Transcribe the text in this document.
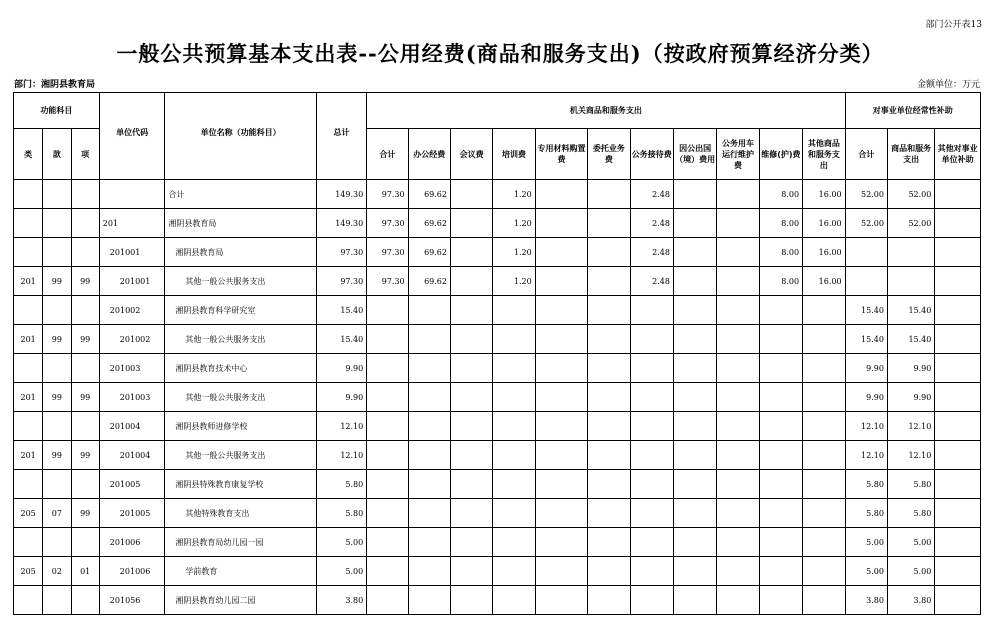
部门公开表13
一般公共预算基本支出表--公用经费(商品和服务支出)（按政府预算经济分类）
部门：湘阴县教育局	金额单位：万元
功能科目			单位代码	单位名称（功能科目）	总计	机关商品和服务支出											对事业单位经常性补助		
类	款	项				合计	办公经费	会议费	培训费	专用材料购置费	委托业务费	公务接待费	因公出国（境）费用	公务用车运行维护费	维修(护)费	其他商品和服务支出	合计	商品和服务支出	其他对事业单位补助
				合计	149.30	97.30	69.62		1.20			2.48			8.00	16.00	52.00	52.00	
			201	湘阴县教育局	149.30	97.30	69.62		1.20			2.48			8.00	16.00	52.00	52.00	
			201001	湘阴县教育局	97.30	97.30	69.62		1.20			2.48			8.00	16.00			
201	99	99	201001	其他一般公共服务支出	97.30	97.30	69.62		1.20			2.48			8.00	16.00			
			201002	湘阴县教育科学研究室	15.40												15.40	15.40	
201	99	99	201002	其他一般公共服务支出	15.40												15.40	15.40	
			201003	湘阴县教育技术中心	9.90												9.90	9.90	
201	99	99	201003	其他一般公共服务支出	9.90												9.90	9.90	
			201004	湘阴县教师进修学校	12.10												12.10	12.10	
201	99	99	201004	其他一般公共服务支出	12.10												12.10	12.10	
			201005	湘阴县特殊教育康复学校	5.80												5.80	5.80	
205	07	99	201005	其他特殊教育支出	5.80												5.80	5.80	
			201006	湘阴县教育局幼儿园一园	5.00												5.00	5.00	
205	02	01	201006	学前教育	5.00												5.00	5.00	
			201056	湘阴县教育幼儿园二园	3.80												3.80	3.80	
